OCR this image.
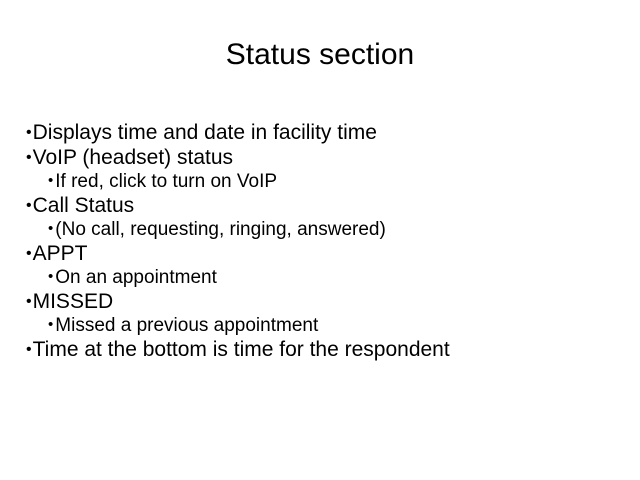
Status section
•Displays time and date in facility time
•VoIP (headset) status
• If red, click to turn on VoIP
•Call Status
• (No call, requesting, ringing, answered)
•APPT
• On an appointment
•MISSED
• Missed a previous appointment
•Time at the bottom is time for the respondent
